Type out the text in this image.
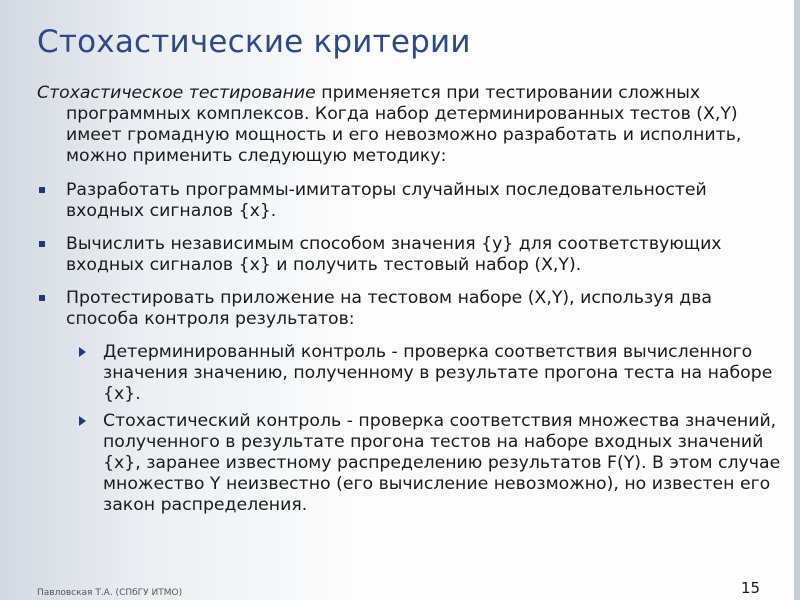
Стохастические критерии

Стохастическое тестирование применяется при тестировании сложных программных комплексов. Когда набор детерминированных тестов (X,Y) имеет громадную мощность и его невозможно разработать и исполнить, можно применить следующую методику:

Разработать программы-имитаторы случайных последовательностей входных сигналов {x}.
Вычислить независимым способом значения {y} для соответствующих входных сигналов {x} и получить тестовый набор (X,Y).
Протестировать приложение на тестовом наборе (X,Y), используя два способа контроля результатов:
Детерминированный контроль - проверка соответствия вычисленного значения значению, полученному в результате прогона теста на наборе {x}.
Стохастический контроль - проверка соответствия множества значений, полученного в результате прогона тестов на наборе входных значений {x}, заранее известному распределению результатов F(Y). В этом случае множество Y неизвестно (его вычисление невозможно), но известен его закон распределения.
Павловская Т.А. (СПбГУ ИТМО)	15
